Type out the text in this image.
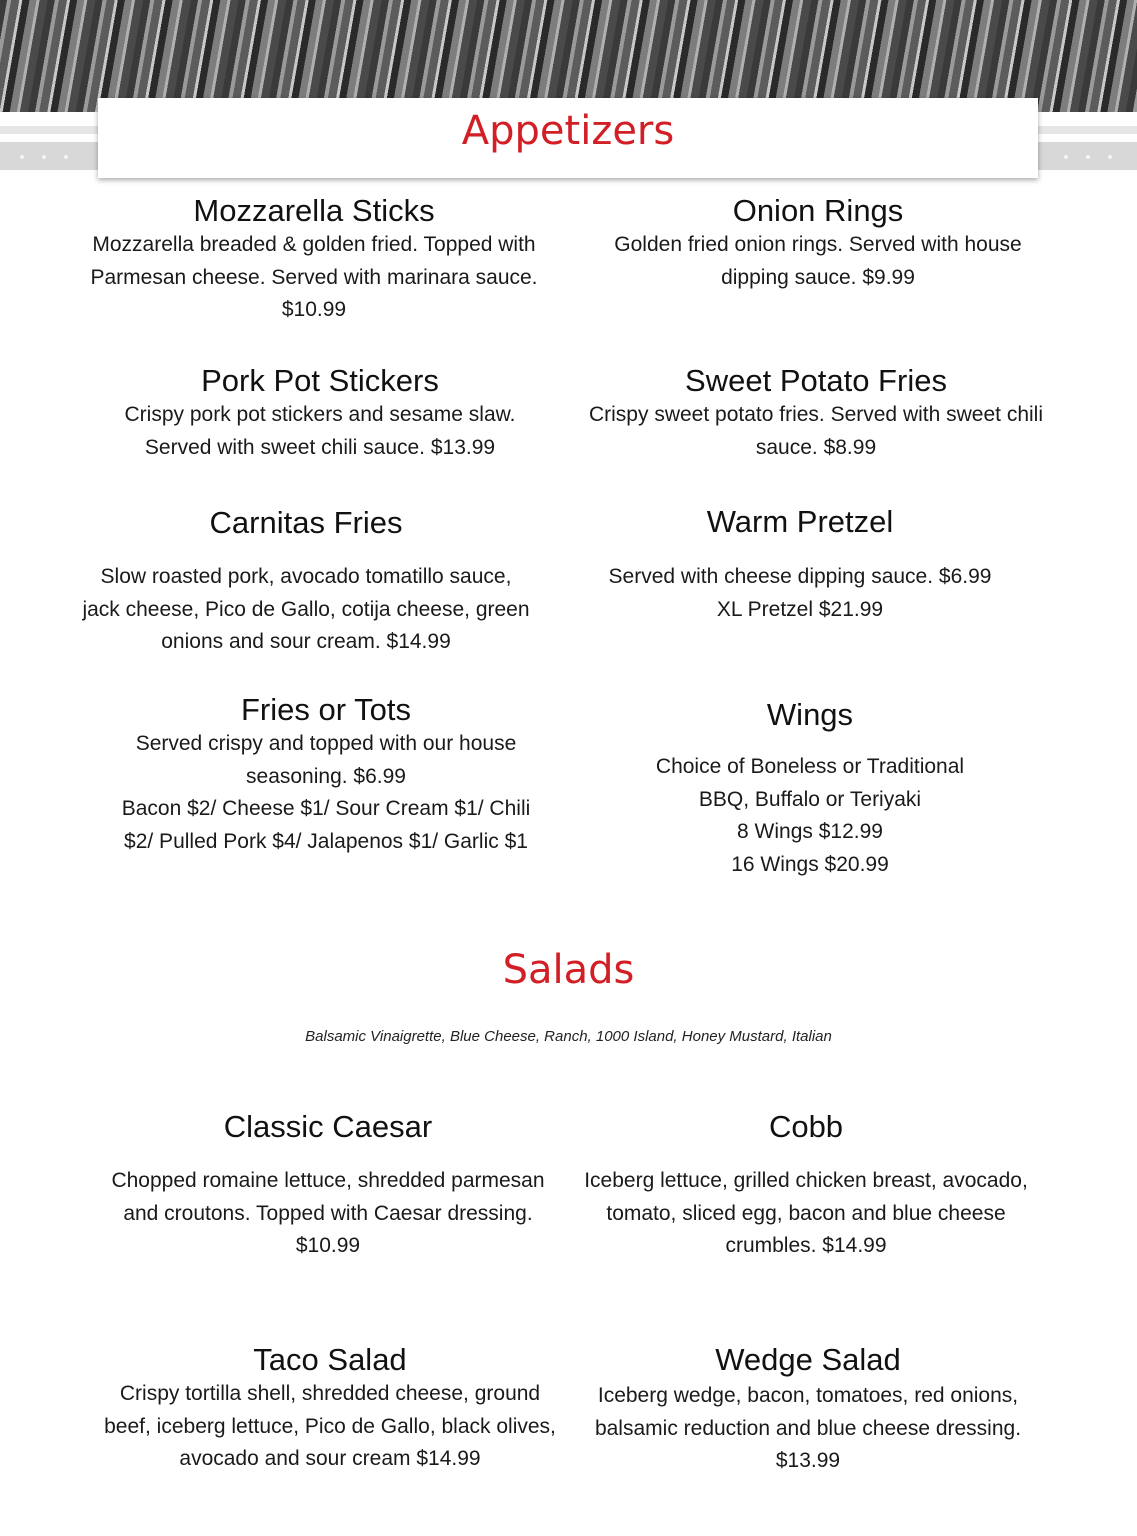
Appetizers
Mozzarella Sticks

Mozzarella breaded & golden fried. Topped with

Parmesan cheese. Served with marinara sauce.

$10.99

Onion Rings

Golden fried onion rings. Served with house

dipping sauce. $9.99

Pork Pot Stickers

Crispy pork pot stickers and sesame slaw.

Served with sweet chili sauce. $13.99

Sweet Potato Fries

Crispy sweet potato fries. Served with sweet chili

sauce. $8.99

Carnitas Fries

Slow roasted pork, avocado tomatillo sauce,

jack cheese, Pico de Gallo, cotija cheese, green

onions and sour cream. $14.99

Warm Pretzel

Served with cheese dipping sauce. $6.99

XL Pretzel $21.99

Fries or Tots

Served crispy and topped with our house

seasoning. $6.99

Bacon $2/ Cheese $1/ Sour Cream $1/ Chili

$2/ Pulled Pork $4/ Jalapenos $1/ Garlic $1

Wings

Choice of Boneless or Traditional

BBQ, Buffalo or Teriyaki

8 Wings $12.99

16 Wings $20.99

Salads
Balsamic Vinaigrette, Blue Cheese, Ranch, 1000 Island, Honey Mustard, Italian
Classic Caesar

Chopped romaine lettuce, shredded parmesan

and croutons. Topped with Caesar dressing.

$10.99

Cobb

Iceberg lettuce, grilled chicken breast, avocado,

tomato, sliced egg, bacon and blue cheese

crumbles. $14.99

Taco Salad

Crispy tortilla shell, shredded cheese, ground

beef, iceberg lettuce, Pico de Gallo, black olives,

avocado and sour cream $14.99

Wedge Salad

Iceberg wedge, bacon, tomatoes, red onions,

balsamic reduction and blue cheese dressing.

$13.99
